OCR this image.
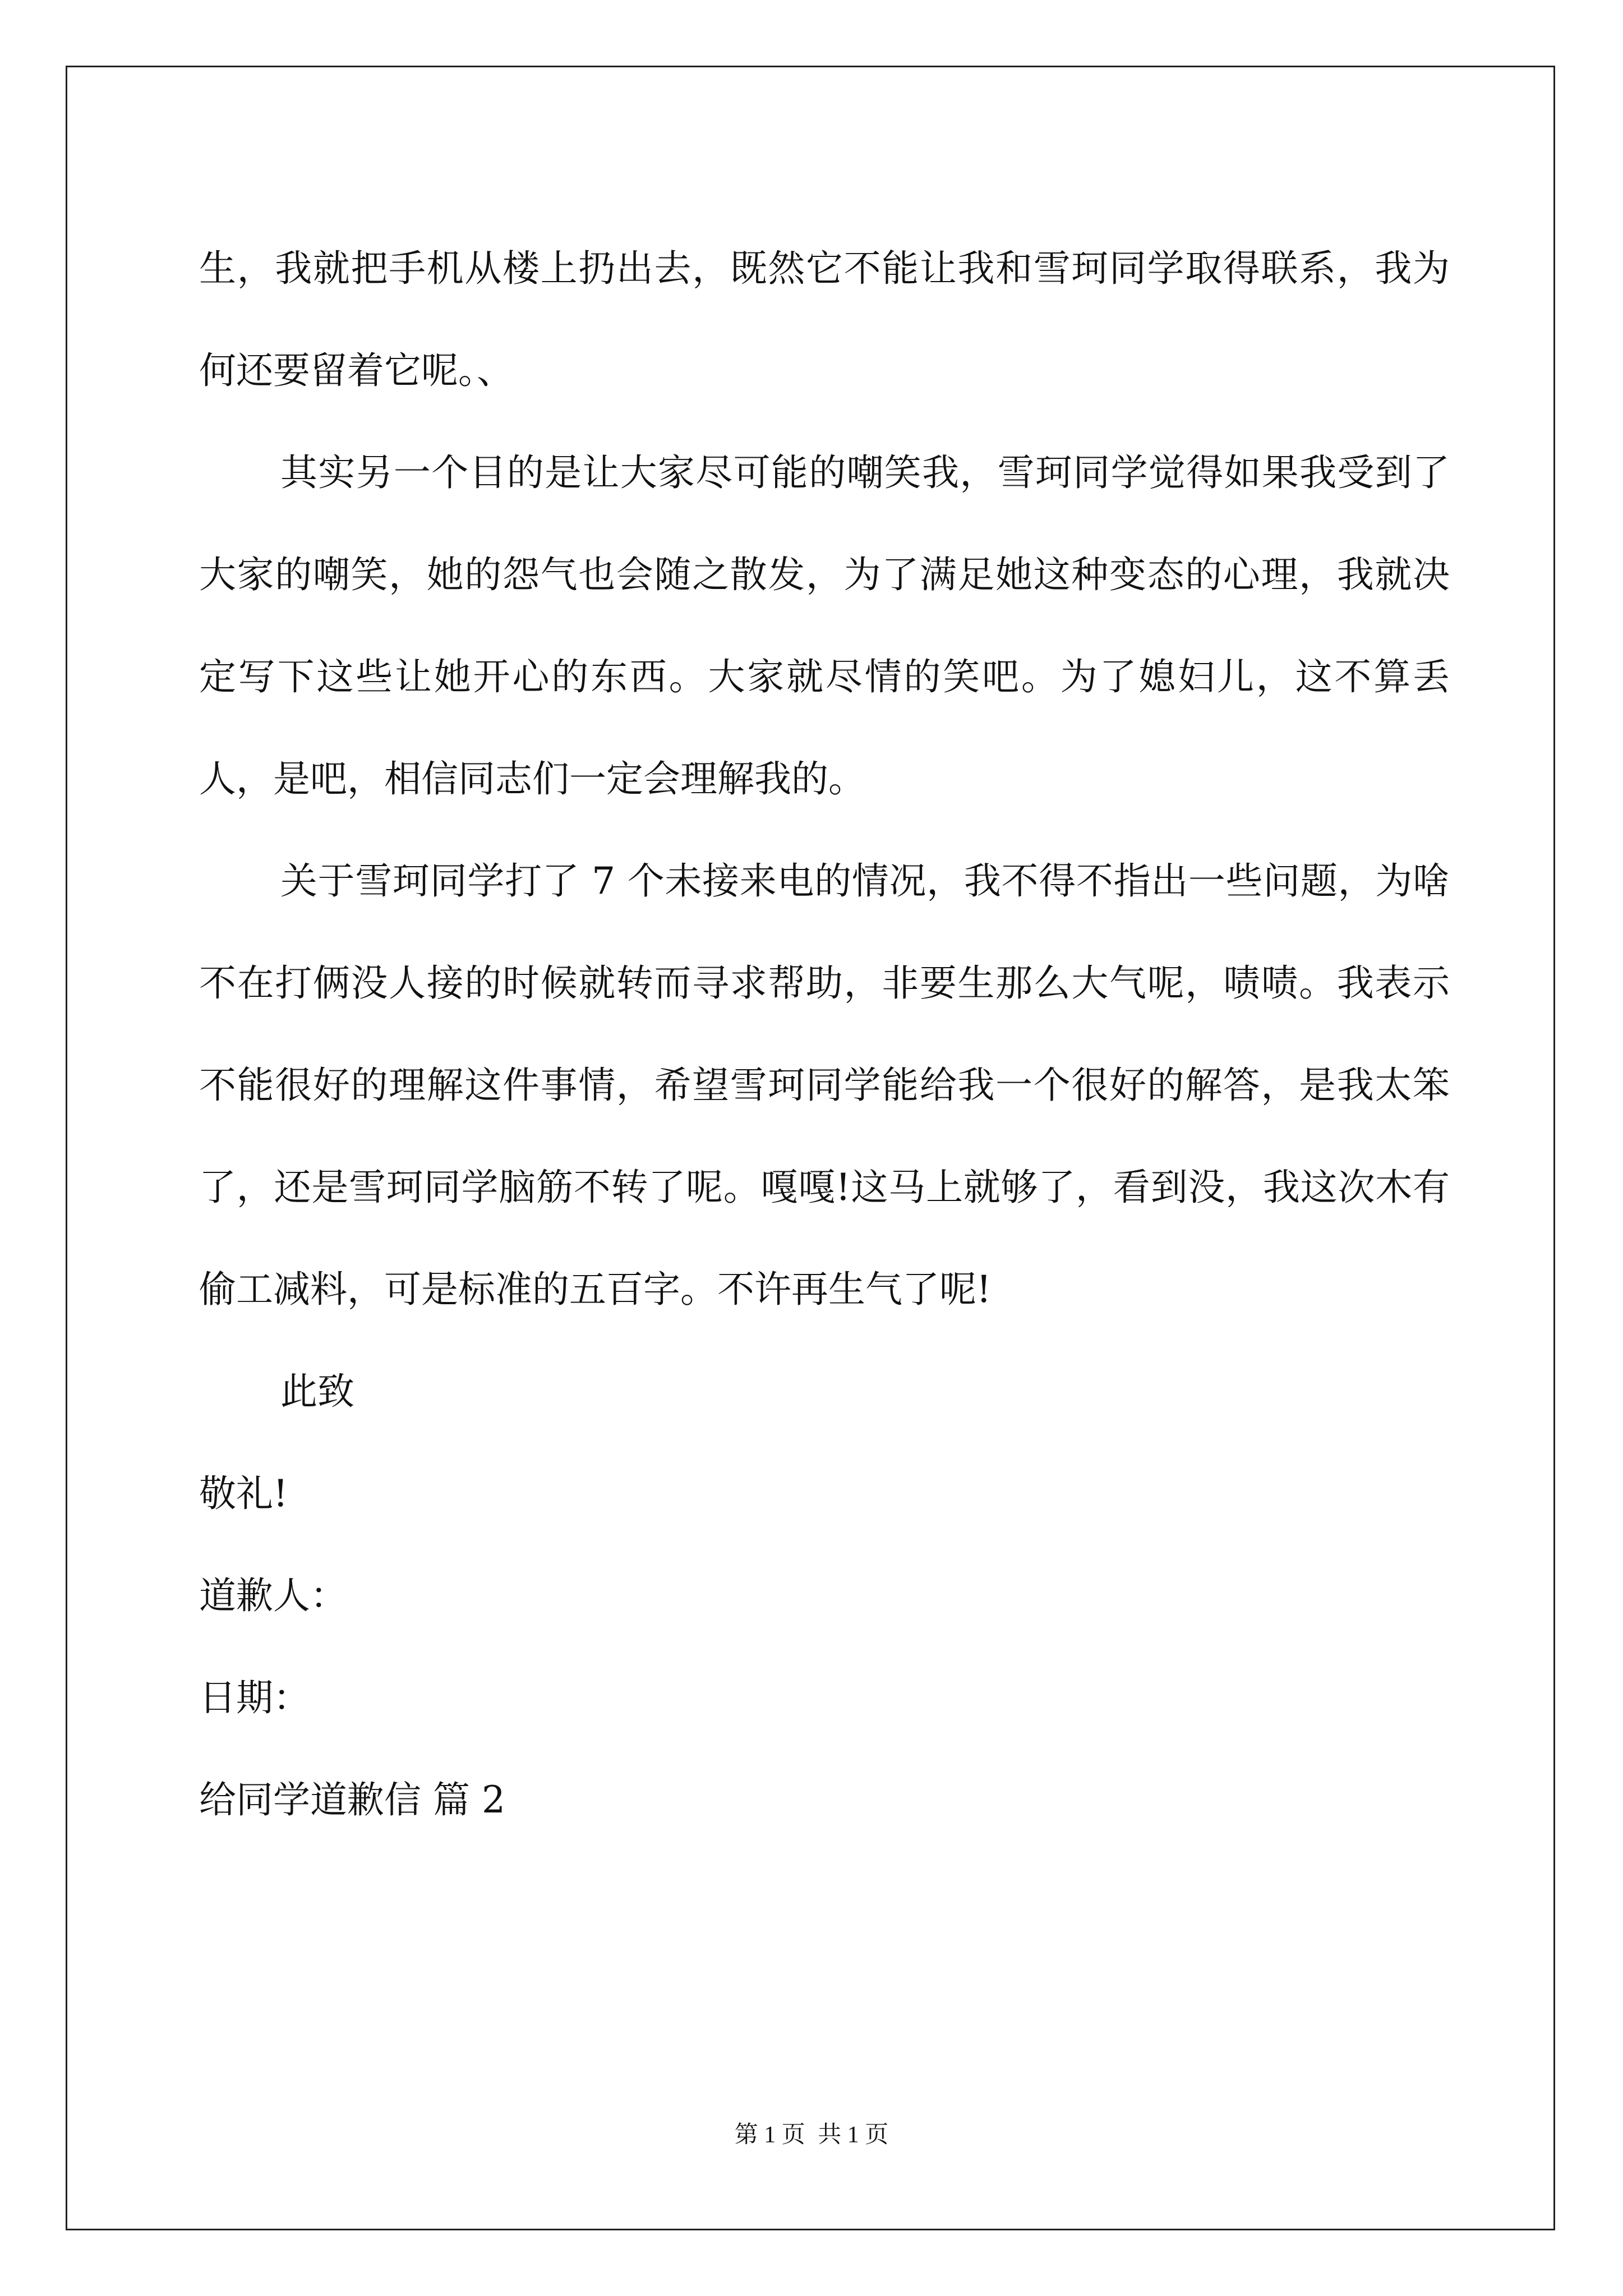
生，我就把手机从楼上扔出去，既然它不能让我和雪珂同学取得联系，我为何还要留着它呢。、

其实另一个目的是让大家尽可能的嘲笑我，雪珂同学觉得如果我受到了大家的嘲笑，她的怨气也会随之散发，为了满足她这种变态的心理，我就决定写下这些让她开心的东西。大家就尽情的笑吧。为了媳妇儿，这不算丢人，是吧，相信同志们一定会理解我的。

关于雪珂同学打了 7 个未接来电的情况，我不得不指出一些问题，为啥不在打俩没人接的时候就转而寻求帮助，非要生那么大气呢，啧啧。我表示不能很好的理解这件事情，希望雪珂同学能给我一个很好的解答，是我太笨了，还是雪珂同学脑筋不转了呢。嘎嘎!这马上就够了，看到没，我这次木有偷工减料，可是标准的五百字。不许再生气了呢!

此致

敬礼!

道歉人：

日期：

给同学道歉信 篇 2

第 1 页 共 1 页
